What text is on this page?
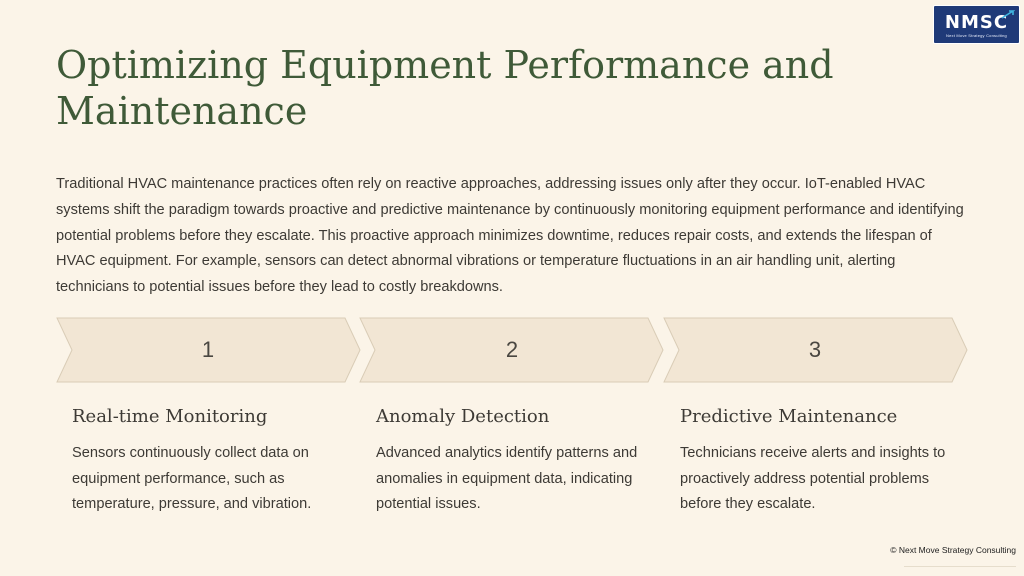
NMSC
Next Move Strategy Consulting
Optimizing Equipment Performance and Maintenance

Traditional HVAC maintenance practices often rely on reactive approaches, addressing issues only after they occur. IoT-enabled HVAC systems shift the paradigm towards proactive and predictive maintenance by continuously monitoring equipment performance and identifying potential problems before they escalate. This proactive approach minimizes downtime, reduces repair costs, and extends the lifespan of HVAC equipment. For example, sensors can detect abnormal vibrations or temperature fluctuations in an air handling unit, alerting technicians to potential issues before they lead to costly breakdowns.

1	2	3
Real-time Monitoring

Sensors continuously collect data on equipment performance, such as temperature, pressure, and vibration.

Anomaly Detection

Advanced analytics identify patterns and anomalies in equipment data, indicating potential issues.

Predictive Maintenance

Technicians receive alerts and insights to proactively address potential problems before they escalate.

© Next Move Strategy Consulting
